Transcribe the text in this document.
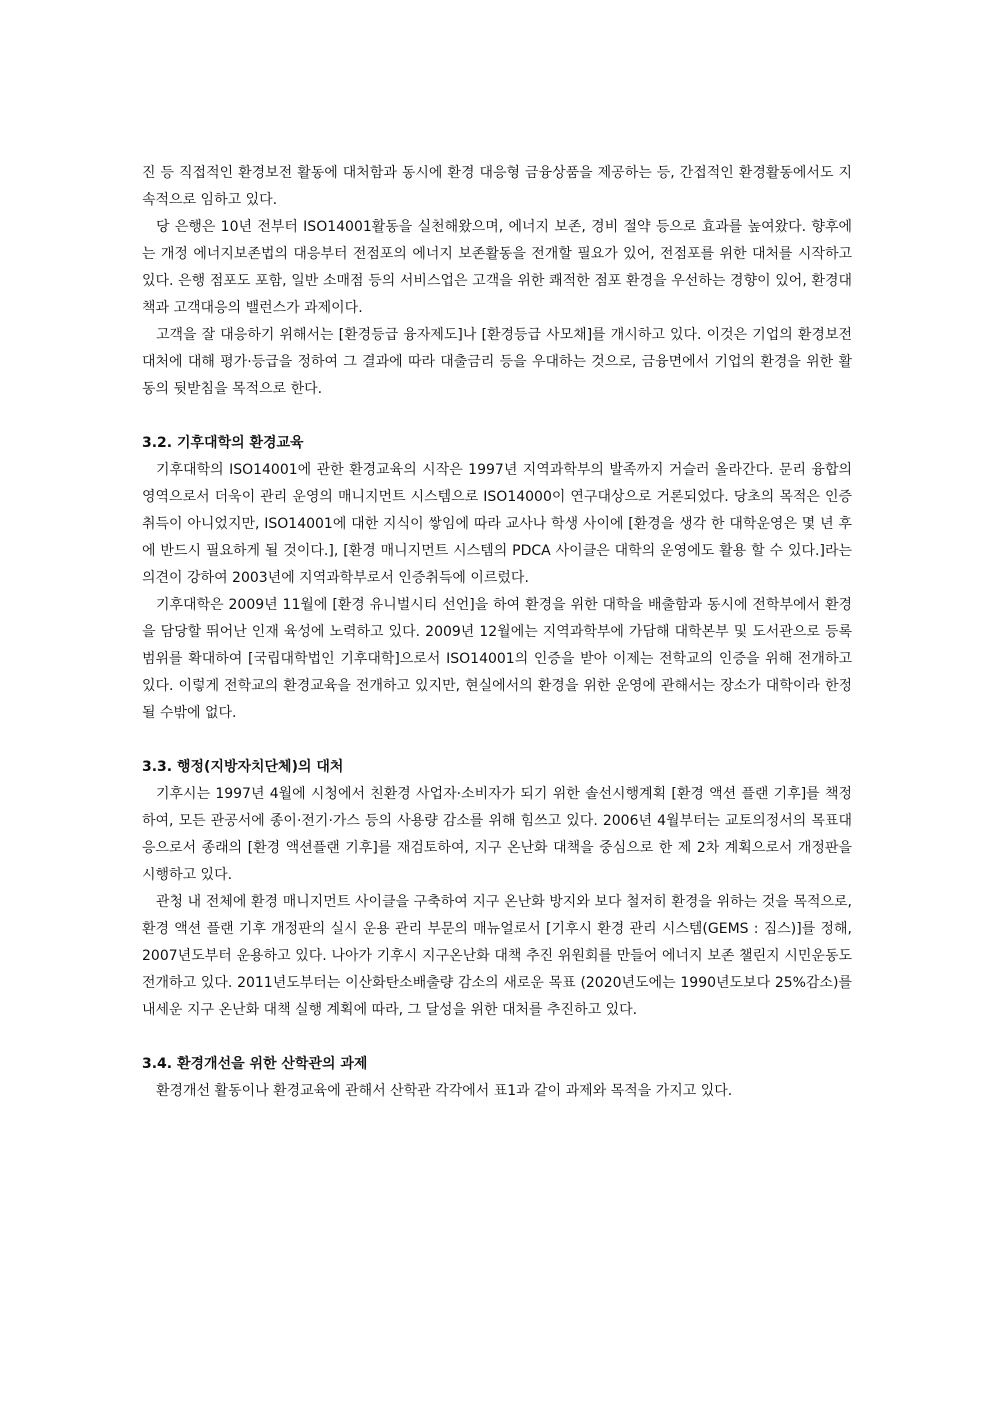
진 등 직접적인 환경보전 활동에 대처함과 동시에 환경 대응형 금융상품을 제공하는 등, 간접적인 환경활동에서도 지속적으로 임하고 있다.

당 은행은 10년 전부터 ISO14001활동을 실천해왔으며, 에너지 보존, 경비 절약 등으로 효과를 높여왔다. 향후에는 개정 에너지보존법의 대응부터 전점포의 에너지 보존활동을 전개할 필요가 있어, 전점포를 위한 대처를 시작하고 있다. 은행 점포도 포함, 일반 소매점 등의 서비스업은 고객을 위한 쾌적한 점포 환경을 우선하는 경향이 있어, 환경대책과 고객대응의 밸런스가 과제이다.

고객을 잘 대응하기 위해서는 [환경등급 융자제도]나 [환경등급 사모채]를 개시하고 있다. 이것은 기업의 환경보전 대처에 대해 평가·등급을 정하여 그 결과에 따라 대출금리 등을 우대하는 것으로, 금융면에서 기업의 환경을 위한 활동의 뒷받침을 목적으로 한다.

3.2. 기후대학의 환경교육

기후대학의 ISO14001에 관한 환경교육의 시작은 1997년 지역과학부의 발족까지 거슬러 올라간다. 문리 융합의 영역으로서 더욱이 관리 운영의 매니지먼트 시스템으로 ISO14000이 연구대상으로 거론되었다. 당초의 목적은 인증취득이 아니었지만, ISO14001에 대한 지식이 쌓임에 따라 교사나 학생 사이에 [환경을 생각 한 대학운영은 몇 년 후에 반드시 필요하게 될 것이다.], [환경 매니지먼트 시스템의 PDCA 사이클은 대학의 운영에도 활용 할 수 있다.]라는 의견이 강하여 2003년에 지역과학부로서 인증취득에 이르렀다.

기후대학은 2009년 11월에 [환경 유니벌시티 선언]을 하여 환경을 위한 대학을 배출함과 동시에 전학부에서 환경을 담당할 뛰어난 인재 육성에 노력하고 있다. 2009년 12월에는 지역과학부에 가담해 대학본부 및 도서관으로 등록 범위를 확대하여 [국립대학법인 기후대학]으로서 ISO14001의 인증을 받아 이제는 전학교의 인증을 위해 전개하고 있다. 이렇게 전학교의 환경교육을 전개하고 있지만, 현실에서의 환경을 위한 운영에 관해서는 장소가 대학이라 한정될 수밖에 없다.

3.3. 행정(지방자치단체)의 대처

기후시는 1997년 4월에 시청에서 친환경 사업자·소비자가 되기 위한 솔선시행계획 [환경 액션 플랜 기후]를 책정하여, 모든 관공서에 종이·전기·가스 등의 사용량 감소를 위해 힘쓰고 있다. 2006년 4월부터는 교토의정서의 목표대응으로서 종래의 [환경 액션플랜 기후]를 재검토하여, 지구 온난화 대책을 중심으로 한 제 2차 계획으로서 개정판을 시행하고 있다.

관청 내 전체에 환경 매니지먼트 사이클을 구축하여 지구 온난화 방지와 보다 철저히 환경을 위하는 것을 목적으로, 환경 액션 플랜 기후 개정판의 실시 운용 관리 부문의 매뉴얼로서 [기후시 환경 관리 시스템(GEMS : 짐스)]를 정해, 2007년도부터 운용하고 있다. 나아가 기후시 지구온난화 대책 추진 위원회를 만들어 에너지 보존 챌린지 시민운동도 전개하고 있다. 2011년도부터는 이산화탄소배출량 감소의 새로운 목표 (2020년도에는 1990년도보다 25%감소)를 내세운 지구 온난화 대책 실행 계획에 따라, 그 달성을 위한 대처를 추진하고 있다.

3.4. 환경개선을 위한 산학관의 과제

환경개선 활동이나 환경교육에 관해서 산학관 각각에서 표1과 같이 과제와 목적을 가지고 있다.
